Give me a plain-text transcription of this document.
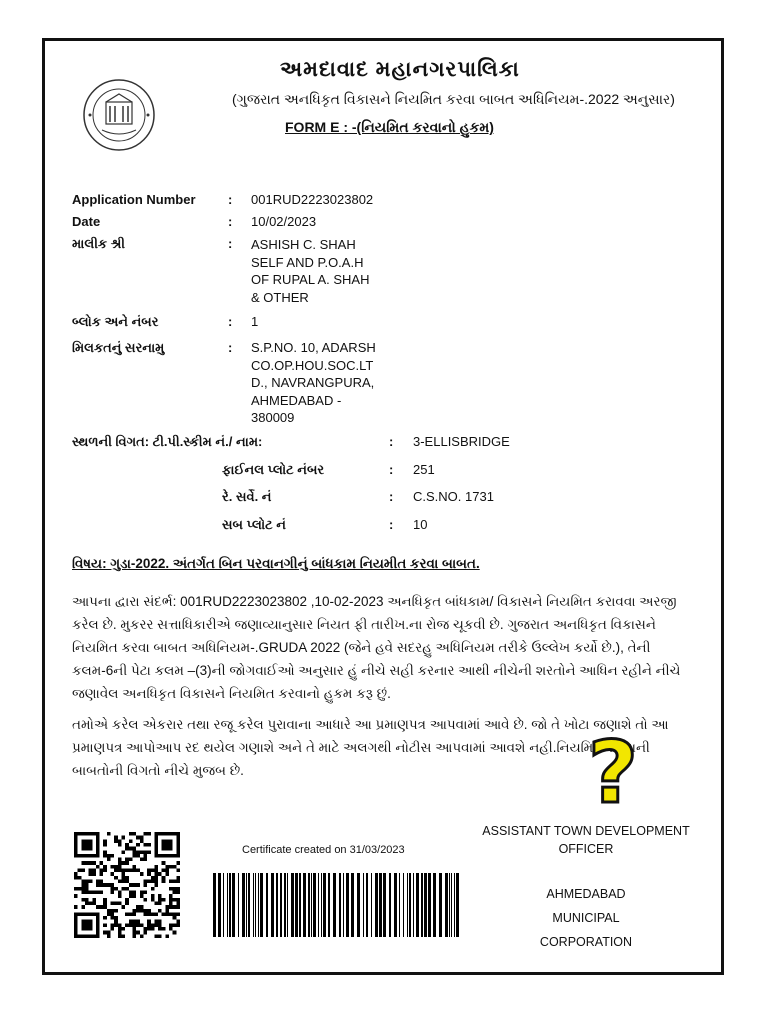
અમદાવાદ મહાનગરપાલિકા
(ગુજરાત અનધિકૃત વિકાસને નિયમિત કરવા બાબત અધિનિયમ-.2022 અનુસાર)
FORM E : -(નિયમિત કરવાનો હુકમ)
Application Number : 001RUD2223023802
Date	: 10/02/2023
માલીક શ્રી	: ASHISH C. SHAH
SELF AND P.O.A.H
OF RUPAL A. SHAH
& OTHER
બ્લોક અને નંબર	: 1
મિલકતનું સરનામુ	: S.P.NO. 10, ADARSH
CO.OP.HOU.SOC.LT
D., NAVRANGPURA,
AHMEDABAD -
380009
સ્થળની વિગત: ટી.પી.સ્કીમ નં./ નામ:	: 3-ELLISBRIDGE
ફાઈનલ પ્લોટ નંબર	: 251
રે. સર્વે. નં	: C.S.NO. 1731
સબ પ્લોટ નં	: 10
વિષય: ગુડા-2022. અંતર્ગત બિન પરવાનગીનું બાંધકામ નિયમીત કરવા બાબત.
આપના દ્વારા સંદર્ભ: 001RUD2223023802 ,10-02-2023 અનધિકૃત બાંધકામ/ વિકાસને નિયમિત કરાવવા અરજી કરેલ છે. મુકરર સત્તાધિકારીએ જણાવ્યાનુસાર નિયત ફી તારીખ.ના રોજ ચૂકવી છે. ગુજરાત અનધિકૃત વિકાસને નિયમિત કરવા બાબત અધિનિયમ-.GRUDA 2022 (જેને હવે સદરહુ અધિનિયમ તરીકે ઉલ્લેખ કર્યો છે.), તેની કલમ-6ની પેટા કલમ –(3)ની જોગવાઈઓ અનુસાર હું નીચે સહી કરનાર આથી નીચેની શરતોને આધિન રહીને નીચે જણાવેલ અનધિકૃત વિકાસને નિયમિત કરવાનો હુકમ કરૂ છું.
તમોએ કરેલ એકરાર તથા રજૂ કરેલ પુરાવાના આધારે આ પ્રમાણપત્ર આપવામાં આવે છે. જો તે ખોટા જણાશે તો આ પ્રમાણપત્ર આપોઆપ રદ થયેલ ગણાશે અને તે માટે અલગથી નોટીસ આપવામાં આવશે નહી.નિયમિત કરેલાની બાબતોની વિગતો નીચે મુજબ છે.	?
Certificate created on 31/03/2023
ASSISTANT TOWN DEVELOPMENT
OFFICER
AHMEDABAD
MUNICIPAL
CORPORATION
